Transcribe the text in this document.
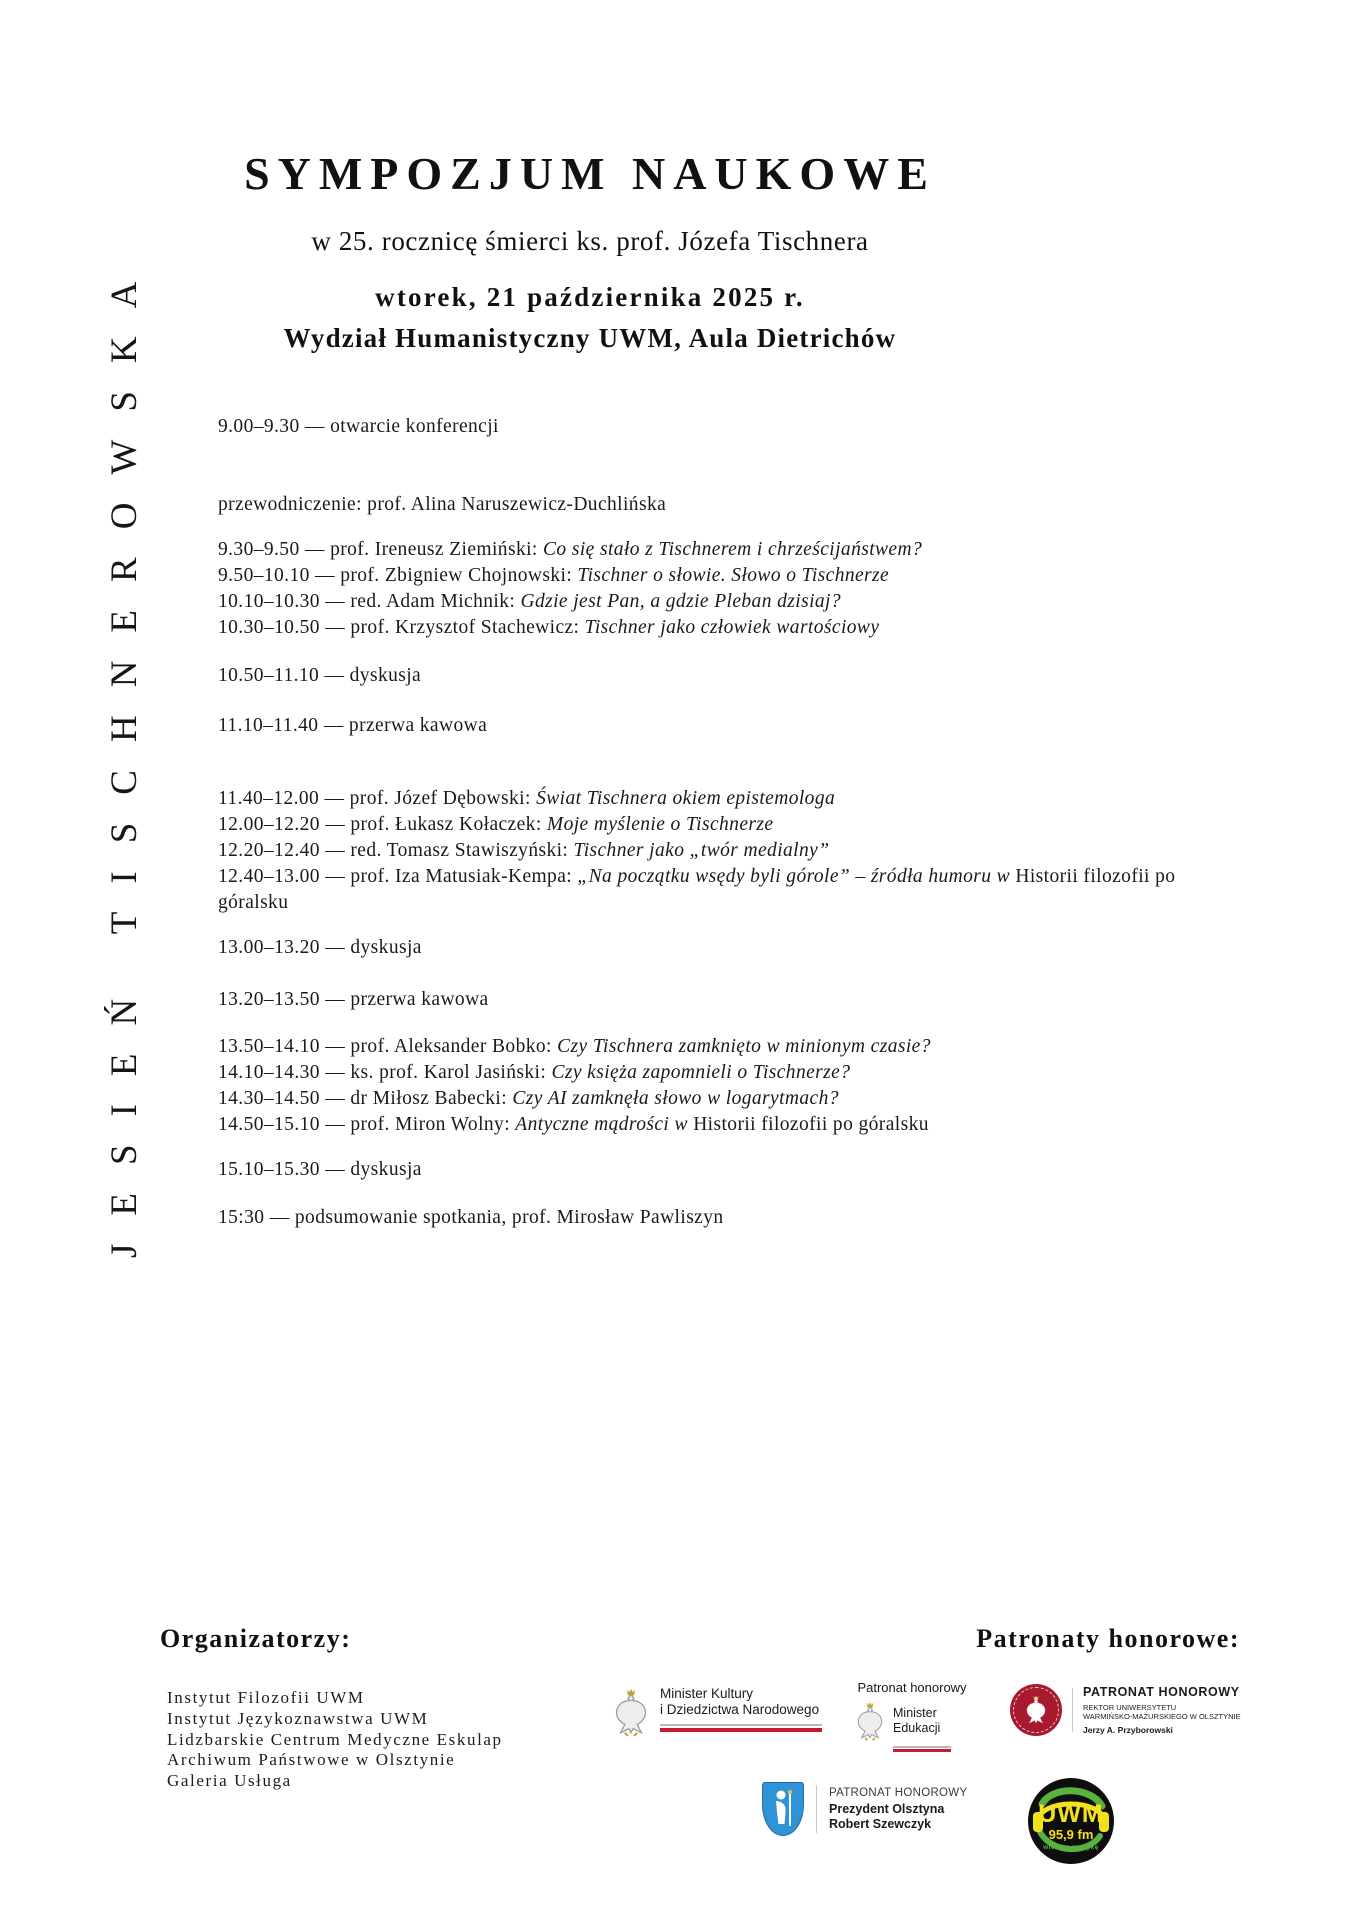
JESIEŃ TISCHNEROWSKA
SYMPOZJUM NAUKOWE
w 25. rocznicę śmierci ks. prof. Józefa Tischnera
wtorek, 21 października 2025 r.
Wydział Humanistyczny UWM, Aula Dietrichów
9.00–9.30 — otwarcie konferencji
przewodniczenie: prof. Alina Naruszewicz-Duchlińska
9.30–9.50 — prof. Ireneusz Ziemiński: Co się stało z Tischnerem i chrześcijaństwem?
9.50–10.10 — prof. Zbigniew Chojnowski: Tischner o słowie. Słowo o Tischnerze
10.10–10.30 — red. Adam Michnik: Gdzie jest Pan, a gdzie Pleban dzisiaj?
10.30–10.50 — prof. Krzysztof Stachewicz: Tischner jako człowiek wartościowy
10.50–11.10 — dyskusja
11.10–11.40 — przerwa kawowa
11.40–12.00 — prof. Józef Dębowski: Świat Tischnera okiem epistemologa
12.00–12.20 — prof. Łukasz Kołaczek: Moje myślenie o Tischnerze
12.20–12.40 — red. Tomasz Stawiszyński: Tischner jako „twór medialny”
12.40–13.00 — prof. Iza Matusiak-Kempa: „Na początku wsędy byli górole” – źródła humoru w Historii filozofii po góralsku
13.00–13.20 — dyskusja
13.20–13.50 — przerwa kawowa
13.50–14.10 — prof. Aleksander Bobko: Czy Tischnera zamknięto w minionym czasie?
14.10–14.30 — ks. prof. Karol Jasiński: Czy księża zapomnieli o Tischnerze?
14.30–14.50 — dr Miłosz Babecki: Czy AI zamknęła słowo w logarytmach?
14.50–15.10 — prof. Miron Wolny: Antyczne mądrości w Historii filozofii po góralsku
15.10–15.30 — dyskusja
15:30 — podsumowanie spotkania, prof. Mirosław Pawliszyn
Organizatorzy:	Patronaty honorowe:
Instytut Filozofii UWM
Instytut Językoznawstwa UWM
Lidzbarskie Centrum Medyczne Eskulap
Archiwum Państwowe w Olsztynie
Galeria Usługa
Minister Kultury
i Dziedzictwa Narodowego
Patronat honorowy
Minister
Edukacji
PATRONAT HONOROWY
REKTOR UNIWERSYTETU
WARMIŃSKO-MAZURSKIEGO W OLSZTYNIE
Jerzy A. Przyborowski
PATRONAT HONOROWY
Prezydent Olsztyna
Robert Szewczyk	UWM
95,9 fm
wierz w muzykę
